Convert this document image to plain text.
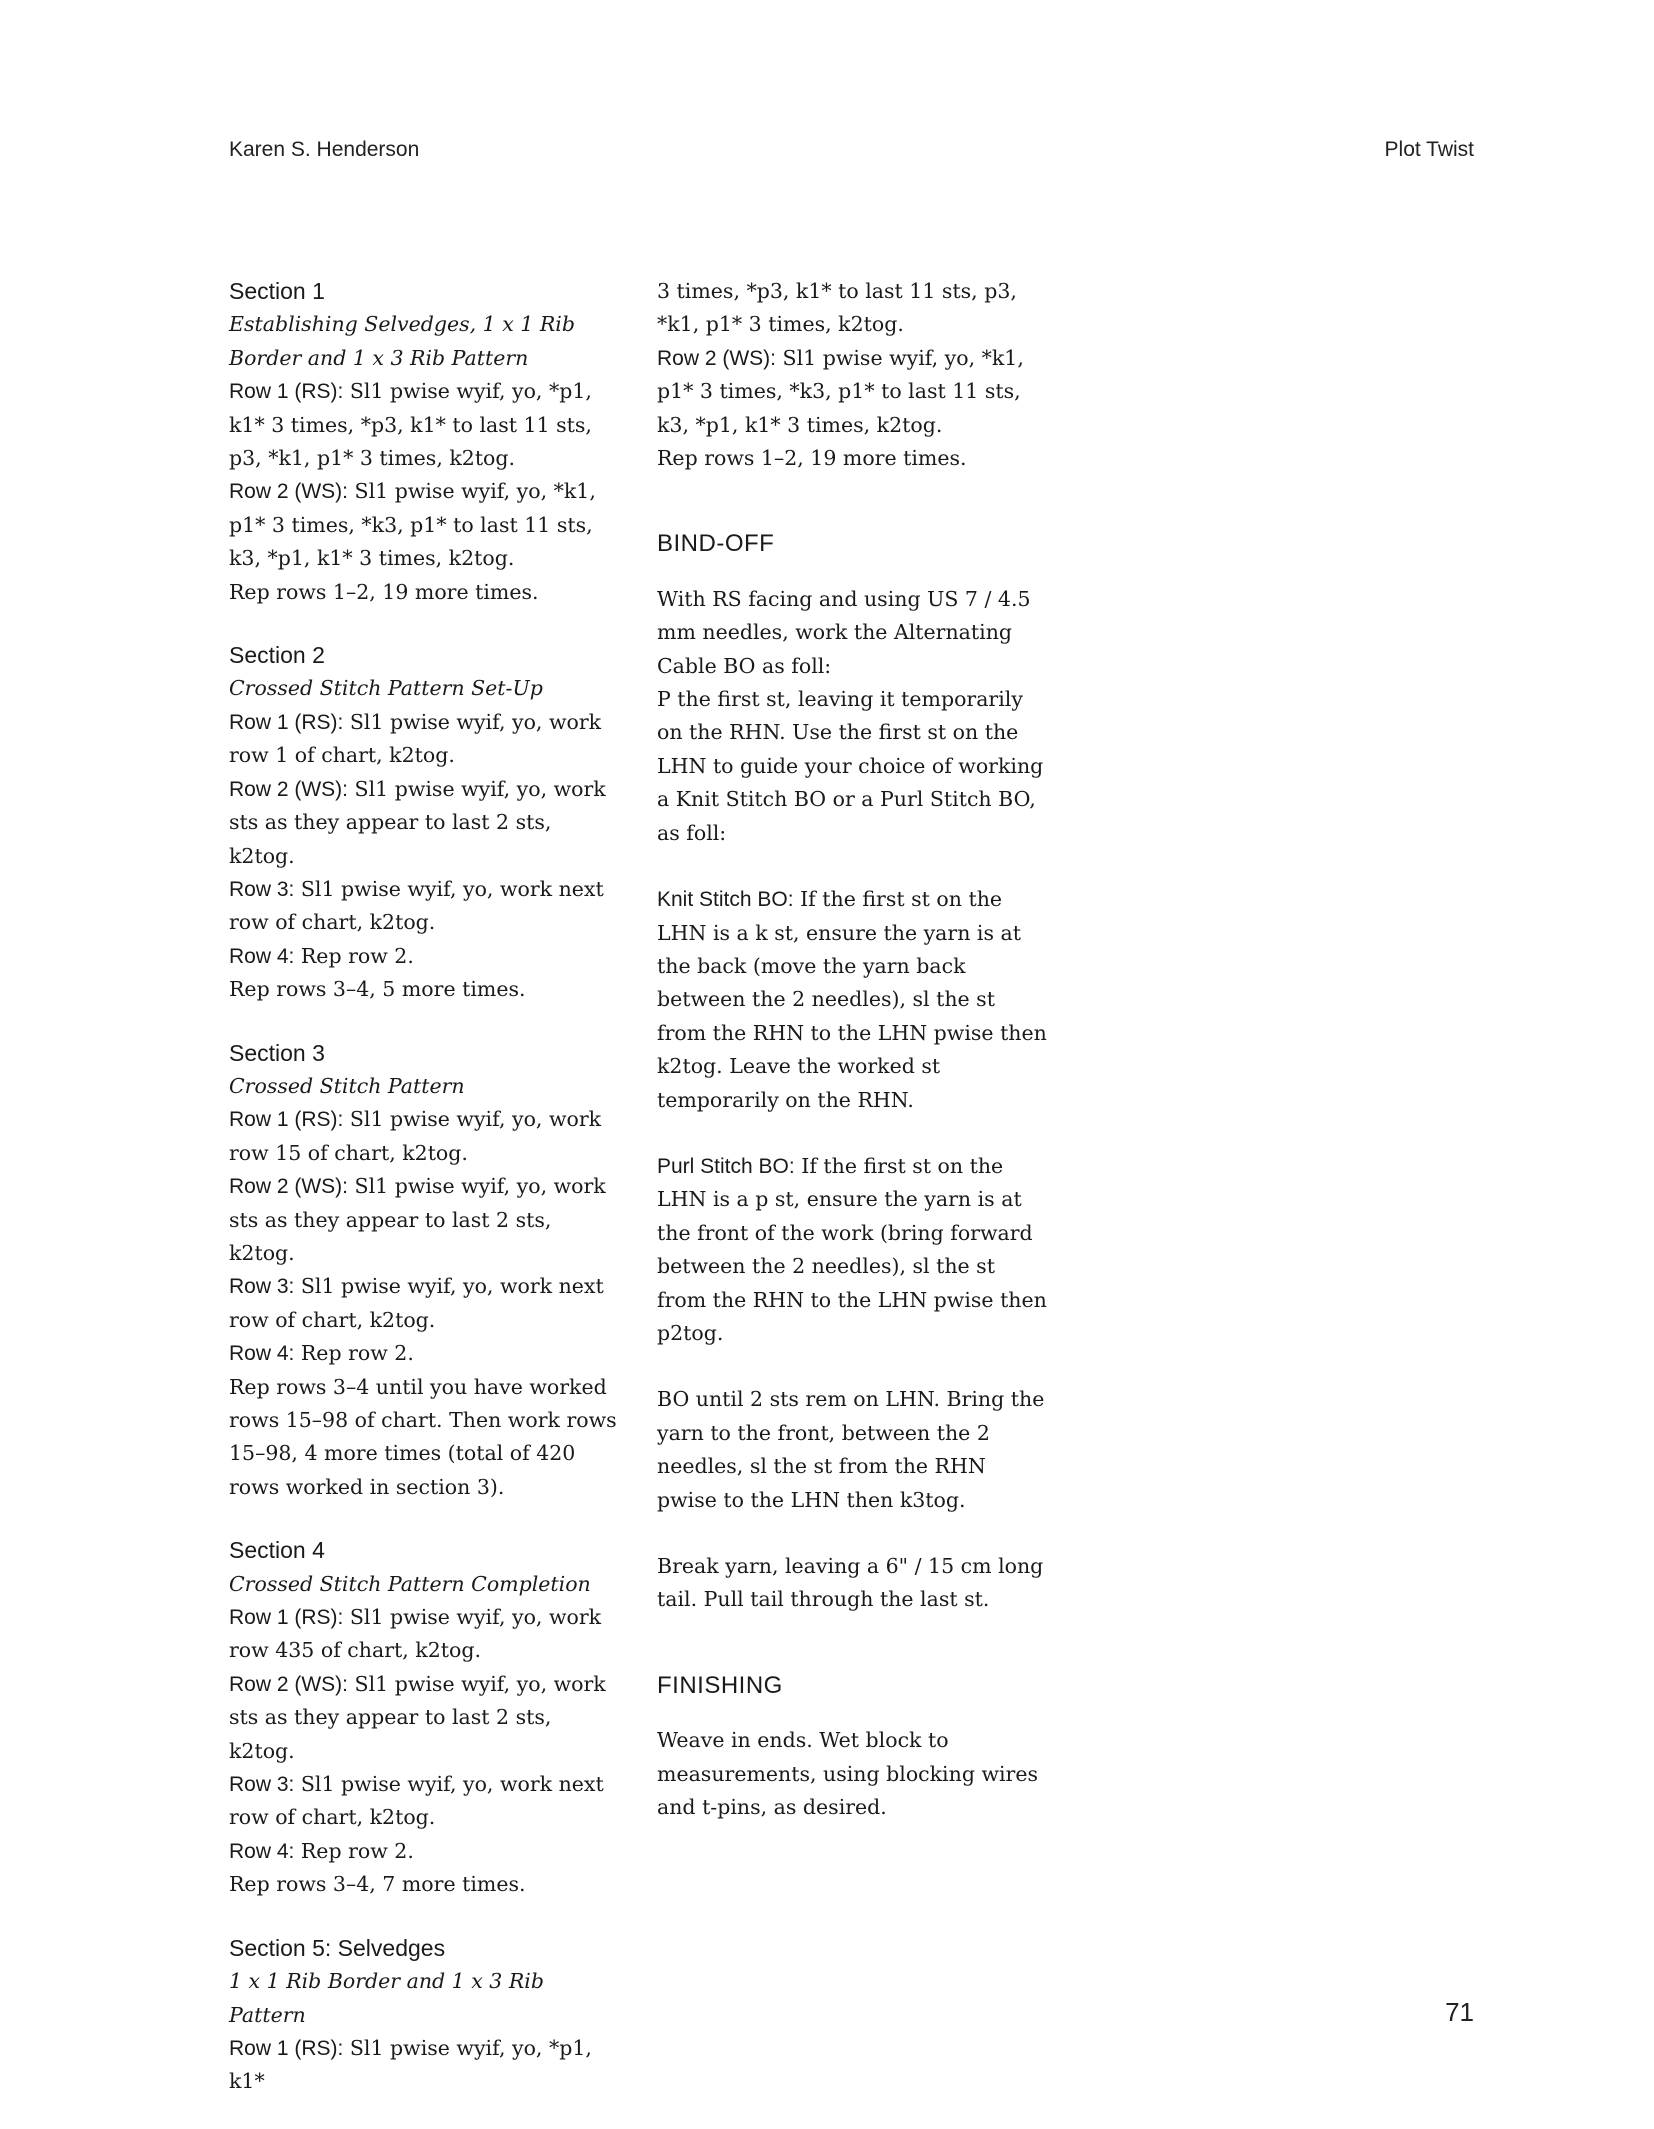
Karen S. Henderson	Plot Twist
Section 1
Establishing Selvedges, 1 x 1 Rib Border and 1 x 3 Rib Pattern
Row 1 (RS): Sl1 pwise wyif, yo, *p1, k1* 3 times, *p3, k1* to last 11 sts, p3, *k1, p1* 3 times, k2tog.
Row 2 (WS): Sl1 pwise wyif, yo, *k1, p1* 3 times, *k3, p1* to last 11 sts, k3, *p1, k1* 3 times, k2tog.
Rep rows 1–2, 19 more times.
Section 2
Crossed Stitch Pattern Set-Up
Row 1 (RS): Sl1 pwise wyif, yo, work row 1 of chart, k2tog.
Row 2 (WS): Sl1 pwise wyif, yo, work sts as they appear to last 2 sts, k2tog.
Row 3: Sl1 pwise wyif, yo, work next row of chart, k2tog.
Row 4: Rep row 2.
Rep rows 3–4, 5 more times.
Section 3
Crossed Stitch Pattern
Row 1 (RS): Sl1 pwise wyif, yo, work row 15 of chart, k2tog.
Row 2 (WS): Sl1 pwise wyif, yo, work sts as they appear to last 2 sts, k2tog.
Row 3: Sl1 pwise wyif, yo, work next row of chart, k2tog.
Row 4: Rep row 2.
Rep rows 3–4 until you have worked rows 15–98 of chart. Then work rows 15–98, 4 more times (total of 420 rows worked in section 3).
Section 4
Crossed Stitch Pattern Completion
Row 1 (RS): Sl1 pwise wyif, yo, work row 435 of chart, k2tog.
Row 2 (WS): Sl1 pwise wyif, yo, work sts as they appear to last 2 sts, k2tog.
Row 3: Sl1 pwise wyif, yo, work next row of chart, k2tog.
Row 4: Rep row 2.
Rep rows 3–4, 7 more times.
Section 5: Selvedges
1 x 1 Rib Border and 1 x 3 Rib Pattern
Row 1 (RS): Sl1 pwise wyif, yo, *p1, k1*
3 times, *p3, k1* to last 11 sts, p3, *k1, p1* 3 times, k2tog.
Row 2 (WS): Sl1 pwise wyif, yo, *k1, p1* 3 times, *k3, p1* to last 11 sts, k3, *p1, k1* 3 times, k2tog.
Rep rows 1–2, 19 more times.
BIND-OFF
With RS facing and using US 7 / 4.5 mm needles, work the Alternating Cable BO as foll:
P the first st, leaving it temporarily on the RHN. Use the first st on the LHN to guide your choice of working a Knit Stitch BO or a Purl Stitch BO, as foll:
Knit Stitch BO: If the first st on the LHN is a k st, ensure the yarn is at the back (move the yarn back between the 2 needles), sl the st from the RHN to the LHN pwise then k2tog. Leave the worked st temporarily on the RHN.
Purl Stitch BO: If the first st on the LHN is a p st, ensure the yarn is at the front of the work (bring forward between the 2 needles), sl the st from the RHN to the LHN pwise then p2tog.
BO until 2 sts rem on LHN. Bring the yarn to the front, between the 2 needles, sl the st from the RHN pwise to the LHN then k3tog.
Break yarn, leaving a 6" / 15 cm long tail. Pull tail through the last st.
FINISHING
Weave in ends. Wet block to measurements, using blocking wires and t-pins, as desired.
71
